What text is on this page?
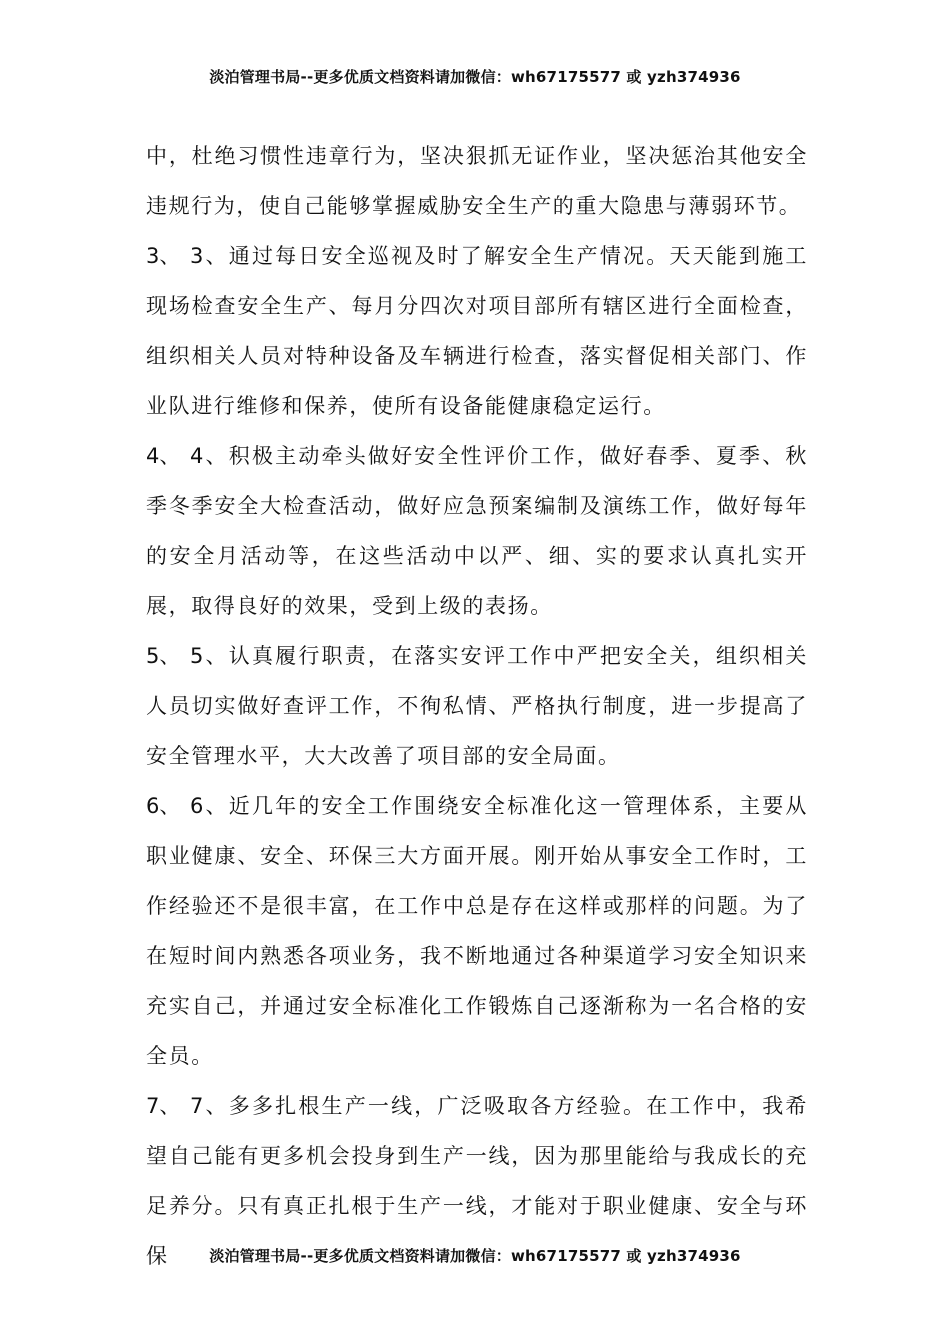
淡泊管理书局--更多优质文档资料请加微信：wh67175577 或 yzh374936

中，杜绝习惯性违章行为，坚决狠抓无证作业，坚决惩治其他安全违规行为，使自己能够掌握威胁安全生产的重大隐患与薄弱环节。

3、 3、通过每日安全巡视及时了解安全生产情况。天天能到施工现场检查安全生产、每月分四次对项目部所有辖区进行全面检查，组织相关人员对特种设备及车辆进行检查，落实督促相关部门、作业队进行维修和保养，使所有设备能健康稳定运行。

4、 4、积极主动牵头做好安全性评价工作，做好春季、夏季、秋季冬季安全大检查活动，做好应急预案编制及演练工作，做好每年的安全月活动等，在这些活动中以严、细、实的要求认真扎实开展，取得良好的效果，受到上级的表扬。

5、 5、认真履行职责，在落实安评工作中严把安全关，组织相关人员切实做好查评工作，不徇私情、严格执行制度，进一步提高了安全管理水平，大大改善了项目部的安全局面。

6、 6、近几年的安全工作围绕安全标准化这一管理体系，主要从职业健康、安全、环保三大方面开展。刚开始从事安全工作时，工作经验还不是很丰富，在工作中总是存在这样或那样的问题。为了在短时间内熟悉各项业务，我不断地通过各种渠道学习安全知识来充实自己，并通过安全标准化工作锻炼自己逐渐称为一名合格的安全员。

7、 7、多多扎根生产一线，广泛吸取各方经验。在工作中，我希望自己能有更多机会投身到生产一线，因为那里能给与我成长的充足养分。只有真正扎根于生产一线，才能对于职业健康、安全与环保	淡泊管理书局--更多优质文档资料请加微信：wh67175577 或 yzh374936
